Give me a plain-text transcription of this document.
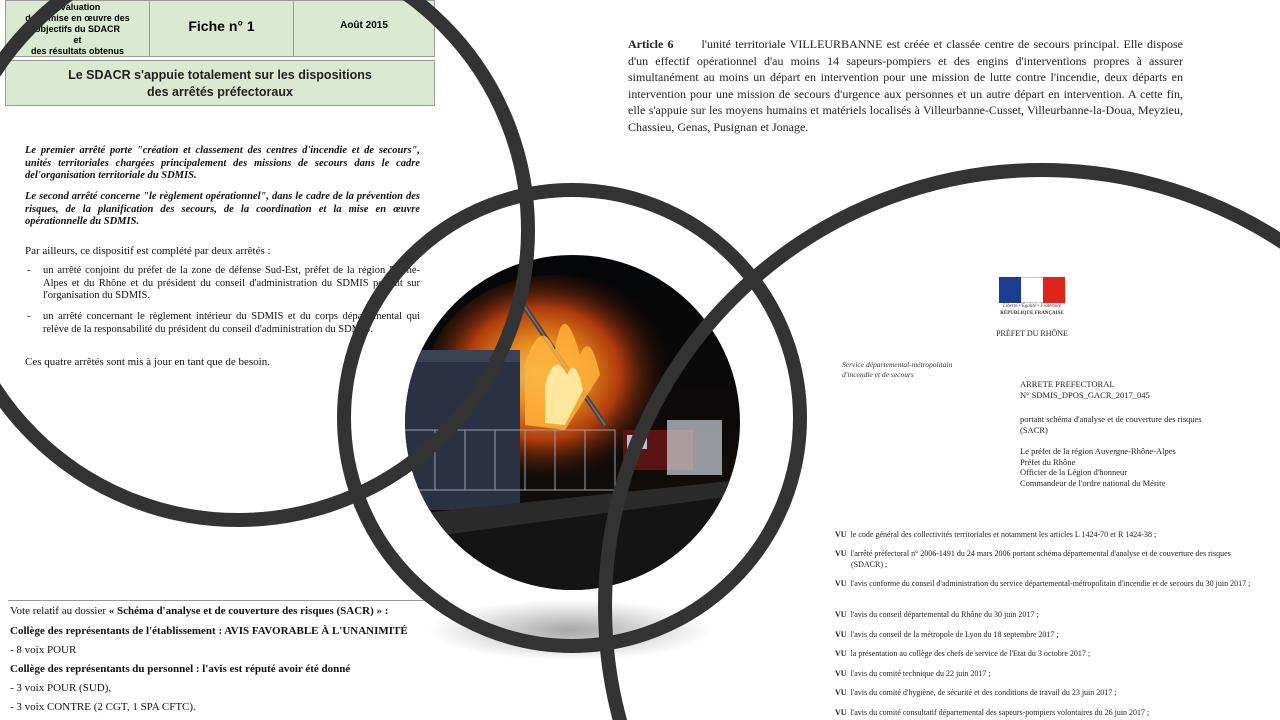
Évaluation
de la mise en œuvre des
objectifs du SDACR
et
des résultats obtenus
Fiche n° 1	Août 2015
Le SDACR s'appuie totalement sur les dispositions
des arrêtés préfectoraux
Le premier arrêté porte "création et classement des centres d'incendie et de secours", unités territoriales chargées principalement des missions de secours dans le cadre del'organisation territoriale du SDMIS.
Le second arrêté concerne "le règlement opérationnel", dans le cadre de la prévention des risques, de la planification des secours, de la coordination et la mise en œuvre opérationnelle du SDMIS.
Par ailleurs, ce dispositif est complété par deux arrêtés :
- un arrêté conjoint du préfet de la zone de défense Sud-Est, préfet de la région Rhône-Alpes et du Rhône et du président du conseil d'administration du SDMIS portant sur l'organisation du SDMIS.
- un arrêté concernant le règlement intérieur du SDMIS et du corps départemental qui relève de la responsabilité du président du conseil d'administration du SDMIS.
Ces quatre arrêtés sont mis à jour en tant que de besoin.
Article 6 l'unité territoriale VILLEURBANNE est créée et classée centre de secours principal. Elle dispose d'un effectif opérationnel d'au moins 14 sapeurs-pompiers et des engins d'interventions propres à assurer simultanément au moins un départ en intervention pour une mission de lutte contre l'incendie, deux départs en intervention pour une mission de secours d'urgence aux personnes et un autre départ en intervention. A cette fin, elle s'appuie sur les moyens humains et matériels localisés à Villeurbanne-Cusset, Villeurbanne-la-Doua, Meyzieu, Chassieu, Genas, Pusignan et Jonage.
Vote relatif au dossier « Schéma d'analyse et de couverture des risques (SACR) » :
Collège des représentants de l'établissement : AVIS FAVORABLE À L'UNANIMITÉ
- 8 voix POUR
Collège des représentants du personnel : l'avis est réputé avoir été donné
- 3 voix POUR (SUD),
- 3 voix CONTRE (2 CGT, 1 SPA CFTC).
Liberté • Égalité • Fraternité
RÉPUBLIQUE FRANÇAISE
PRÉFET DU RHÔNE
Service départemental-métropolitain
d'incendie et de secours
ARRETE PREFECTORAL
N° SDMIS_DPOS_GACR_2017_045
portant schéma d'analyse et de couverture des risques
(SACR)
Le préfet de la région Auvergne-Rhône-Alpes
Préfet du Rhône
Officier de la Légion d'honneur
Commandeur de l'ordre national du Mérite
VU le code général des collectivités territoriales et notamment les articles L 1424-70 et R 1424-38 ;
VU l'arrêté préfectoral n° 2006-1491 du 24 mars 2006 portant schéma départemental d'analyse et de couverture des risques (SDACR) ;
VU l'avis conforme du conseil d'administration du service départemental-métropolitain d'incendie et de secours du 30 juin 2017 ;
VU l'avis du conseil départemental du Rhône du 30 juin 2017 ;
VU l'avis du conseil de la métropole de Lyon du 18 septembre 2017 ;
VU la présentation au collège des chefs de service de l'Etat du 3 octobre 2017 ;
VU l'avis du comité technique du 22 juin 2017 ;
VU l'avis du comité d'hygiène, de sécurité et des conditions de travail du 23 juin 2017 ;
VU l'avis du comité consultatif départemental des sapeurs-pompiers volontaires du 26 juin 2017 ;
